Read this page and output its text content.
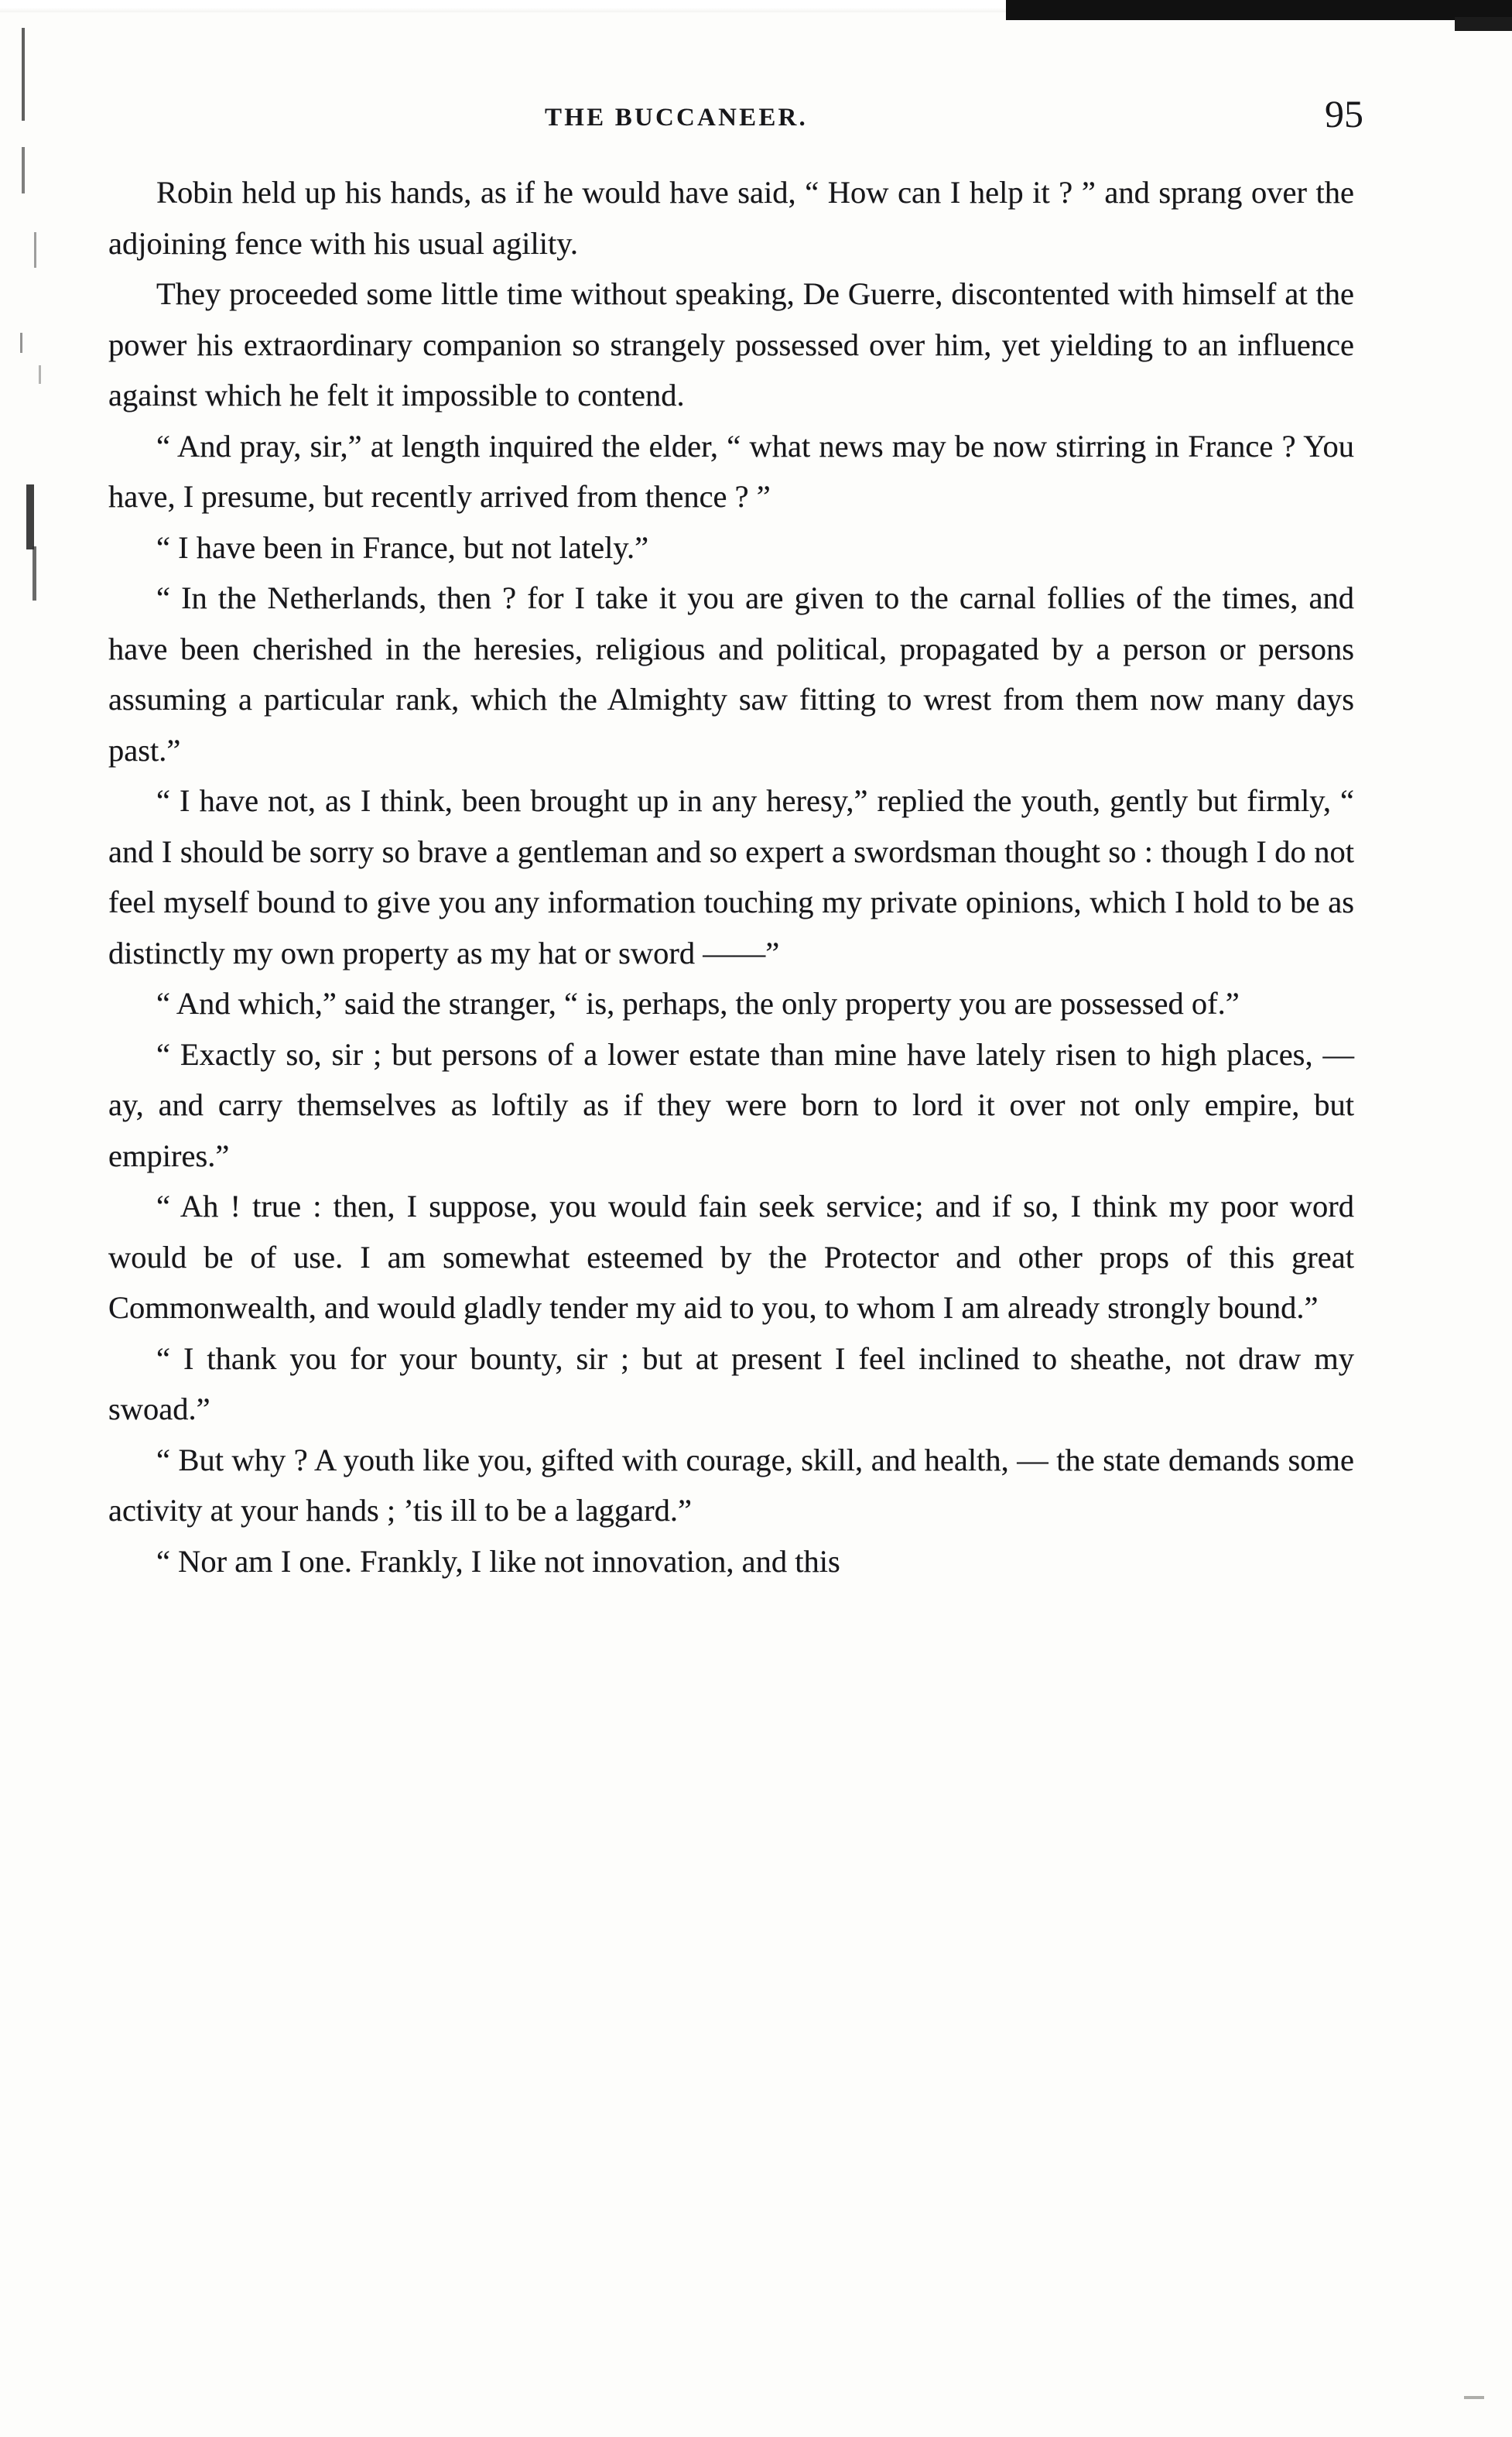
THE BUCCANEER.	95

Robin held up his hands, as if he would have said, “ How can I help it ? ” and sprang over the adjoining fence with his usual agility.

They proceeded some little time without speaking, De Guerre, discontented with himself at the power his extraordinary companion so strangely possessed over him, yet yielding to an influence against which he felt it impossible to contend.

“ And pray, sir,” at length inquired the elder, “ what news may be now stirring in France ? You have, I presume, but recently arrived from thence ? ”

“ I have been in France, but not lately.”

“ In the Netherlands, then ? for I take it you are given to the carnal follies of the times, and have been cherished in the heresies, religious and political, propagated by a person or persons assuming a particular rank, which the Almighty saw fitting to wrest from them now many days past.”

“ I have not, as I think, been brought up in any heresy,” replied the youth, gently but firmly, “ and I should be sorry so brave a gentleman and so expert a swordsman thought so : though I do not feel myself bound to give you any information touching my private opinions, which I hold to be as distinctly my own property as my hat or sword ——”

“ And which,” said the stranger, “ is, perhaps, the only property you are possessed of.”

“ Exactly so, sir ; but persons of a lower estate than mine have lately risen to high places, — ay, and carry themselves as loftily as if they were born to lord it over not only empire, but empires.”

“ Ah ! true : then, I suppose, you would fain seek service; and if so, I think my poor word would be of use. I am somewhat esteemed by the Protector and other props of this great Commonwealth, and would gladly tender my aid to you, to whom I am already strongly bound.”

“ I thank you for your bounty, sir ; but at present I feel inclined to sheathe, not draw my swoad.”

“ But why ? A youth like you, gifted with courage, skill, and health, — the state demands some activity at your hands ; ’tis ill to be a laggard.”

“ Nor am I one. Frankly, I like not innovation, and this
